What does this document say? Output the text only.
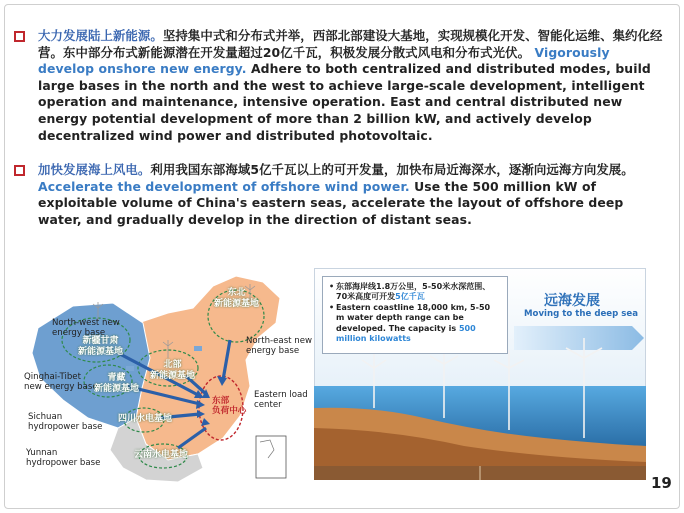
大力发展陆上新能源。坚持集中式和分布式并举，西部北部建设大基地，实现规模化开发、智能化运维、集约化经营。东中部分布式新能源潜在开发量超过20亿千瓦，积极发展分散式风电和分布式光伏。 Vigorously develop onshore new energy. Adhere to both centralized and distributed modes, build large bases in the north and the west to achieve large-scale development, intelligent operation and maintenance, intensive operation. East and central distributed new energy potential development of more than 2 billion kW, and actively develop decentralized wind power and distributed photovoltaic.

加快发展海上风电。利用我国东部海域5亿千瓦以上的可开发量，加快布局近海深水，逐渐向远海方向发展。 Accelerate the development of offshore wind power. Use the 500 million kW of exploitable volume of China's eastern seas, accelerate the layout of offshore deep water, and gradually develop in the direction of distant seas.

North-west new
energy base
新疆甘肃
新能源基地
Qinghai-Tibet
new energy base
青藏
新能源基地
北部
新能源基地
东北
新能源基地
North-east new
energy base
Sichuan
hydropower base
四川水电基地
Yunnan
hydropower base
云南水电基地
东部
负荷中心
Eastern load
center
• 东部海岸线1.8万公里，5-50米水深范围、70米高度可开发5亿千瓦
• Eastern coastline 18,000 km, 5-50 m water depth range can be developed. The capacity is 500 million kilowatts
远海发展
Moving to the deep sea
19
